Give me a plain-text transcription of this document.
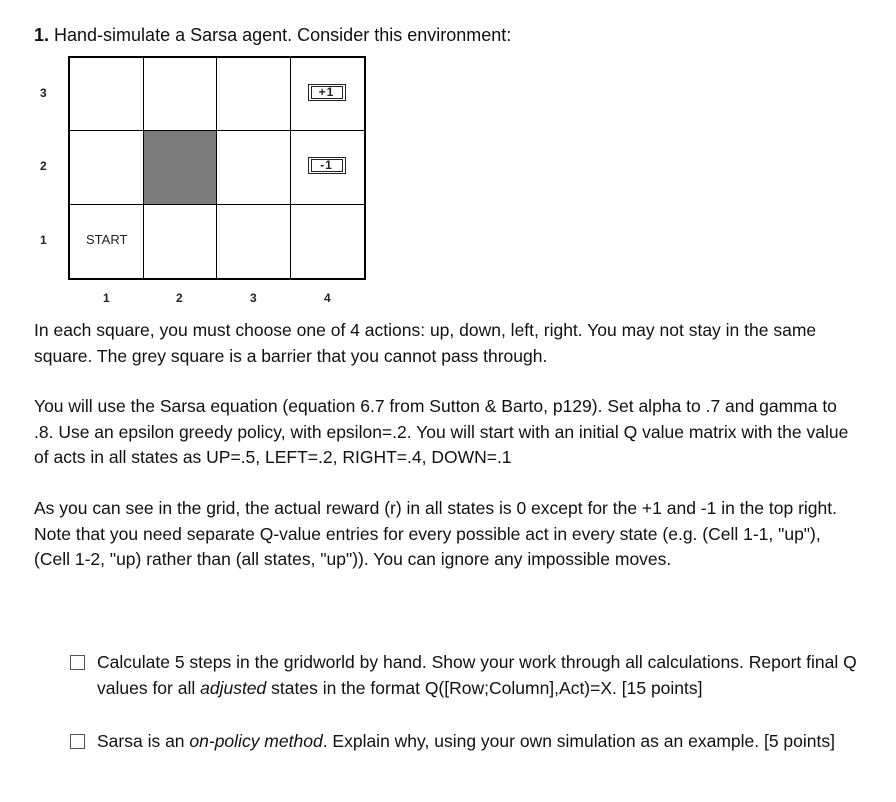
1. Hand-simulate a Sarsa agent. Consider this environment:
3
2
1
+1
-1
START
1	2	3	4

In each square, you must choose one of 4 actions: up, down, left, right. You may not stay in the same square. The grey square is a barrier that you cannot pass through.

You will use the Sarsa equation (equation 6.7 from Sutton & Barto, p129). Set alpha to .7 and gamma to .8. Use an epsilon greedy policy, with epsilon=.2. You will start with an initial Q value matrix with the value of acts in all states as UP=.5, LEFT=.2, RIGHT=.4, DOWN=.1

As you can see in the grid, the actual reward (r) in all states is 0 except for the +1 and -1 in the top right. Note that you need separate Q-value entries for every possible act in every state (e.g. (Cell 1-1, "up"), (Cell 1-2, "up) rather than (all states, "up")). You can ignore any impossible moves.

Calculate 5 steps in the gridworld by hand. Show your work through all calculations. Report final Q values for all adjusted states in the format Q([Row;Column],Act)=X. [15 points]
Sarsa is an on-policy method. Explain why, using your own simulation as an example. [5 points]
